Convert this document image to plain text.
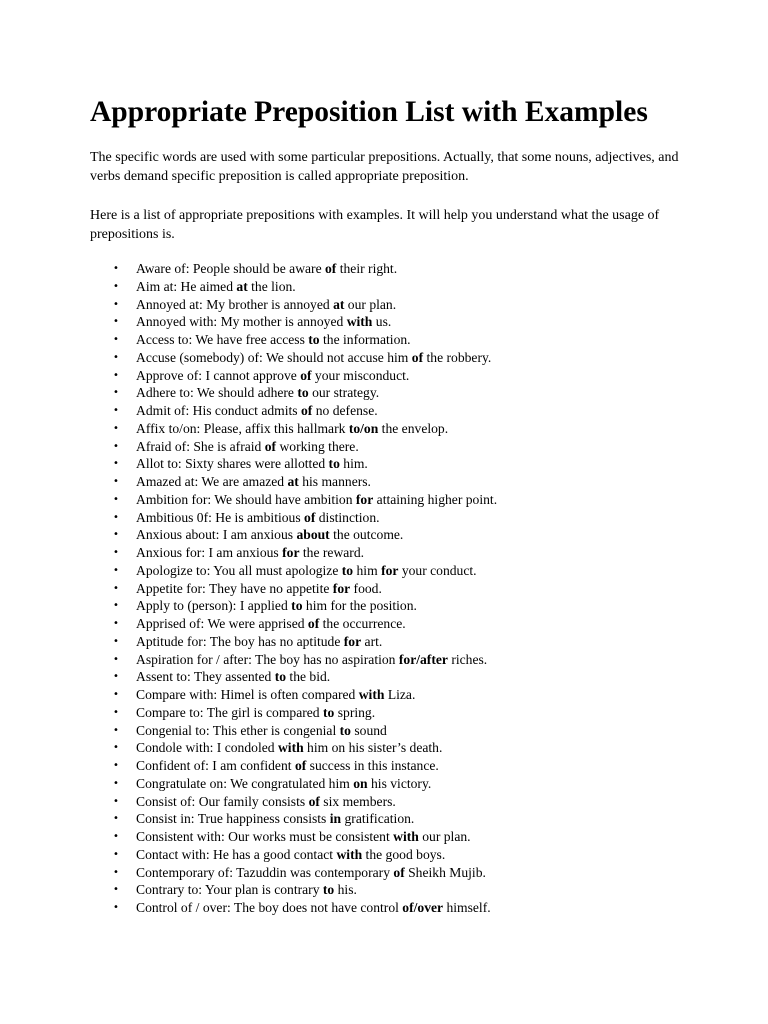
Appropriate Preposition List with Examples

The specific words are used with some particular prepositions. Actually, that some nouns, adjectives, and verbs demand specific preposition is called appropriate preposition.

Here is a list of appropriate prepositions with examples. It will help you understand what the usage of prepositions is.

• Aware of: People should be aware of their right.
• Aim at: He aimed at the lion.
• Annoyed at: My brother is annoyed at our plan.
• Annoyed with: My mother is annoyed with us.
• Access to: We have free access to the information.
• Accuse (somebody) of: We should not accuse him of the robbery.
• Approve of: I cannot approve of your misconduct.
• Adhere to: We should adhere to our strategy.
• Admit of: His conduct admits of no defense.
• Affix to/on: Please, affix this hallmark to/on the envelop.
• Afraid of: She is afraid of working there.
• Allot to: Sixty shares were allotted to him.
• Amazed at: We are amazed at his manners.
• Ambition for: We should have ambition for attaining higher point.
• Ambitious 0f: He is ambitious of distinction.
• Anxious about: I am anxious about the outcome.
• Anxious for: I am anxious for the reward.
• Apologize to: You all must apologize to him for your conduct.
• Appetite for: They have no appetite for food.
• Apply to (person): I applied to him for the position.
• Apprised of: We were apprised of the occurrence.
• Aptitude for: The boy has no aptitude for art.
• Aspiration for / after: The boy has no aspiration for/after riches.
• Assent to: They assented to the bid.
• Compare with: Himel is often compared with Liza.
• Compare to: The girl is compared to spring.
• Congenial to: This ether is congenial to sound
• Condole with: I condoled with him on his sister’s death.
• Confident of: I am confident of success in this instance.
• Congratulate on: We congratulated him on his victory.
• Consist of: Our family consists of six members.
• Consist in: True happiness consists in gratification.
• Consistent with: Our works must be consistent with our plan.
• Contact with: He has a good contact with the good boys.
• Contemporary of: Tazuddin was contemporary of Sheikh Mujib.
• Contrary to: Your plan is contrary to his.
• Control of / over: The boy does not have control of/over himself.
